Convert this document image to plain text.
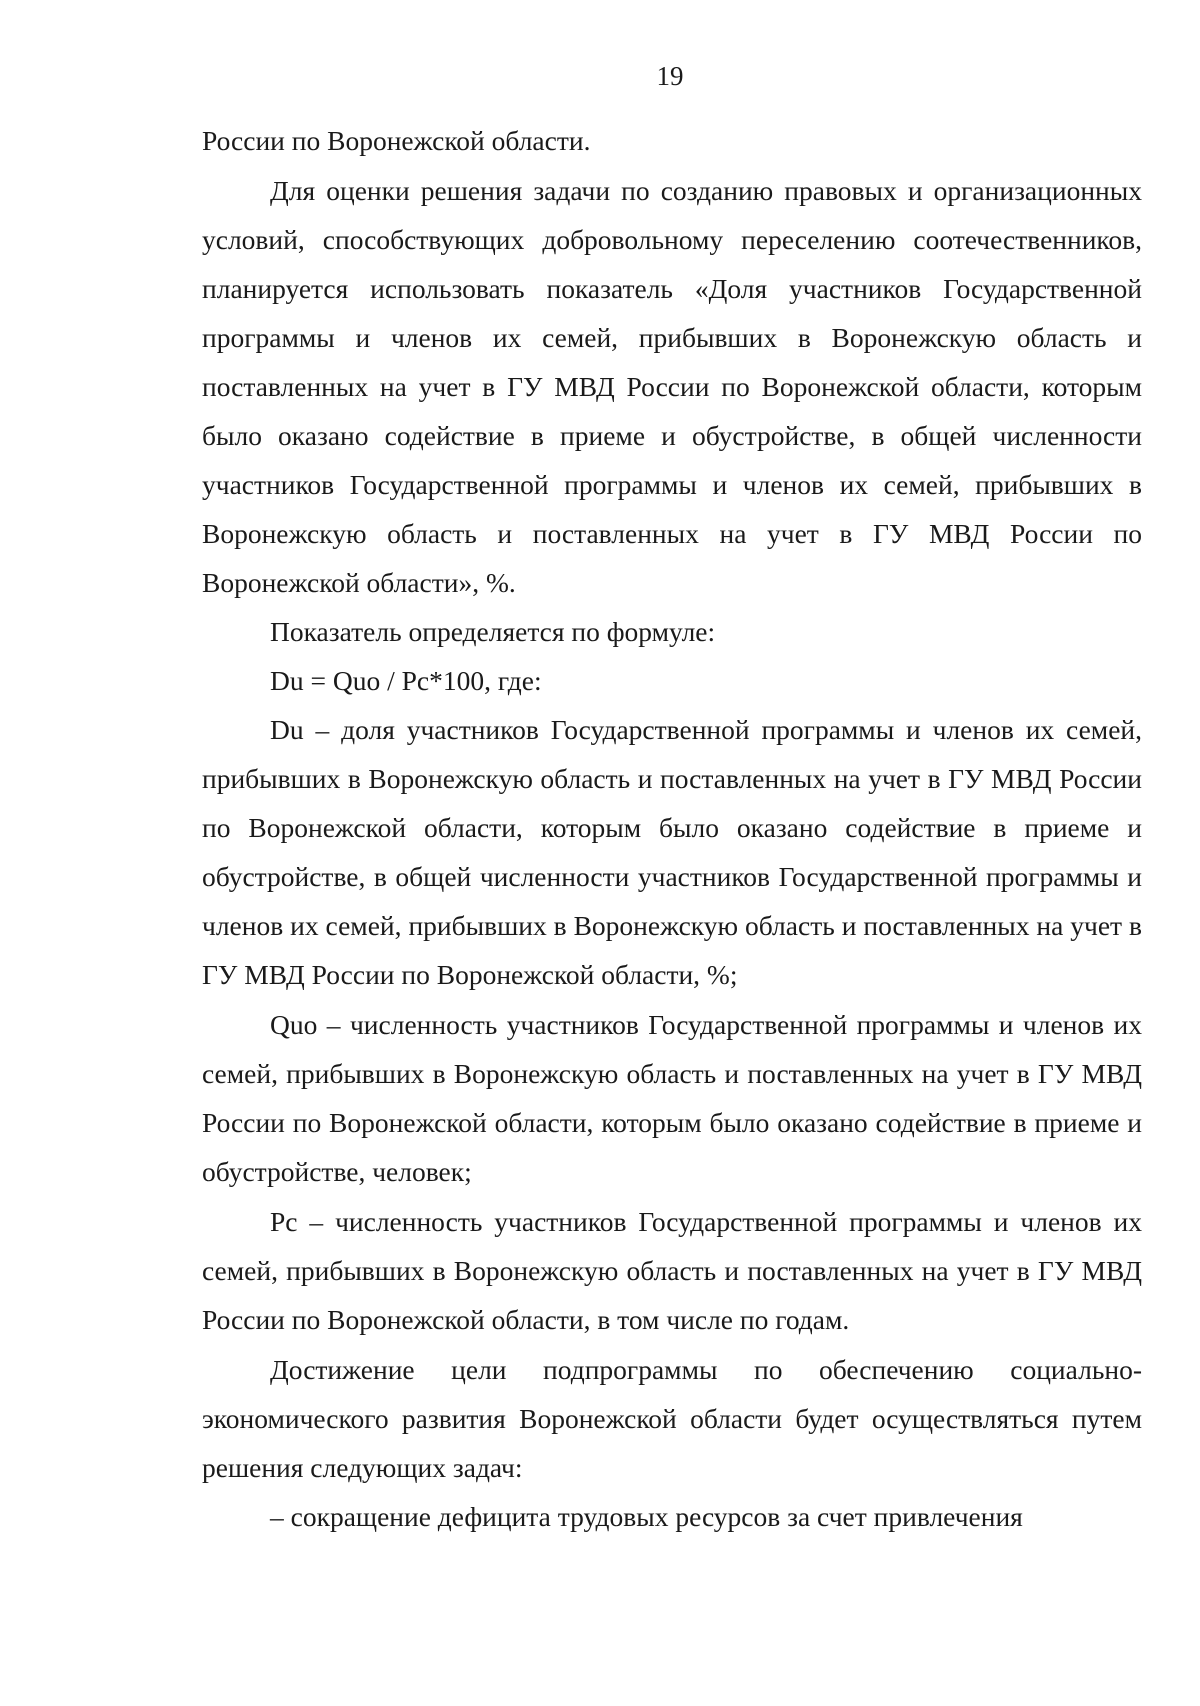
19

России по Воронежской области.

Для оценки решения задачи по созданию правовых и организационных условий, способствующих добровольному переселению соотечественников, планируется использовать показатель «Доля участников Государственной программы и членов их семей, прибывших в Воронежскую область и поставленных на учет в ГУ МВД России по Воронежской области, которым было оказано содействие в приеме и обустройстве, в общей численности участников Государственной программы и членов их семей, прибывших в Воронежскую область и поставленных на учет в ГУ МВД России по Воронежской области», %.

Показатель определяется по формуле:

Du = Quo / Pc*100, где:

Du – доля участников Государственной программы и членов их семей, прибывших в Воронежскую область и поставленных на учет в ГУ МВД России по Воронежской области, которым было оказано содействие в приеме и обустройстве, в общей численности участников Государственной программы и членов их семей, прибывших в Воронежскую область и поставленных на учет в ГУ МВД России по Воронежской области, %;

Quo – численность участников Государственной программы и членов их семей, прибывших в Воронежскую область и поставленных на учет в ГУ МВД России по Воронежской области, которым было оказано содействие в приеме и обустройстве, человек;

Pc – численность участников Государственной программы и членов их семей, прибывших в Воронежскую область и поставленных на учет в ГУ МВД России по Воронежской области, в том числе по годам.

Достижение цели подпрограммы по обеспечению социально-экономического развития Воронежской области будет осуществляться путем решения следующих задач:

– сокращение дефицита трудовых ресурсов за счет привлечения
